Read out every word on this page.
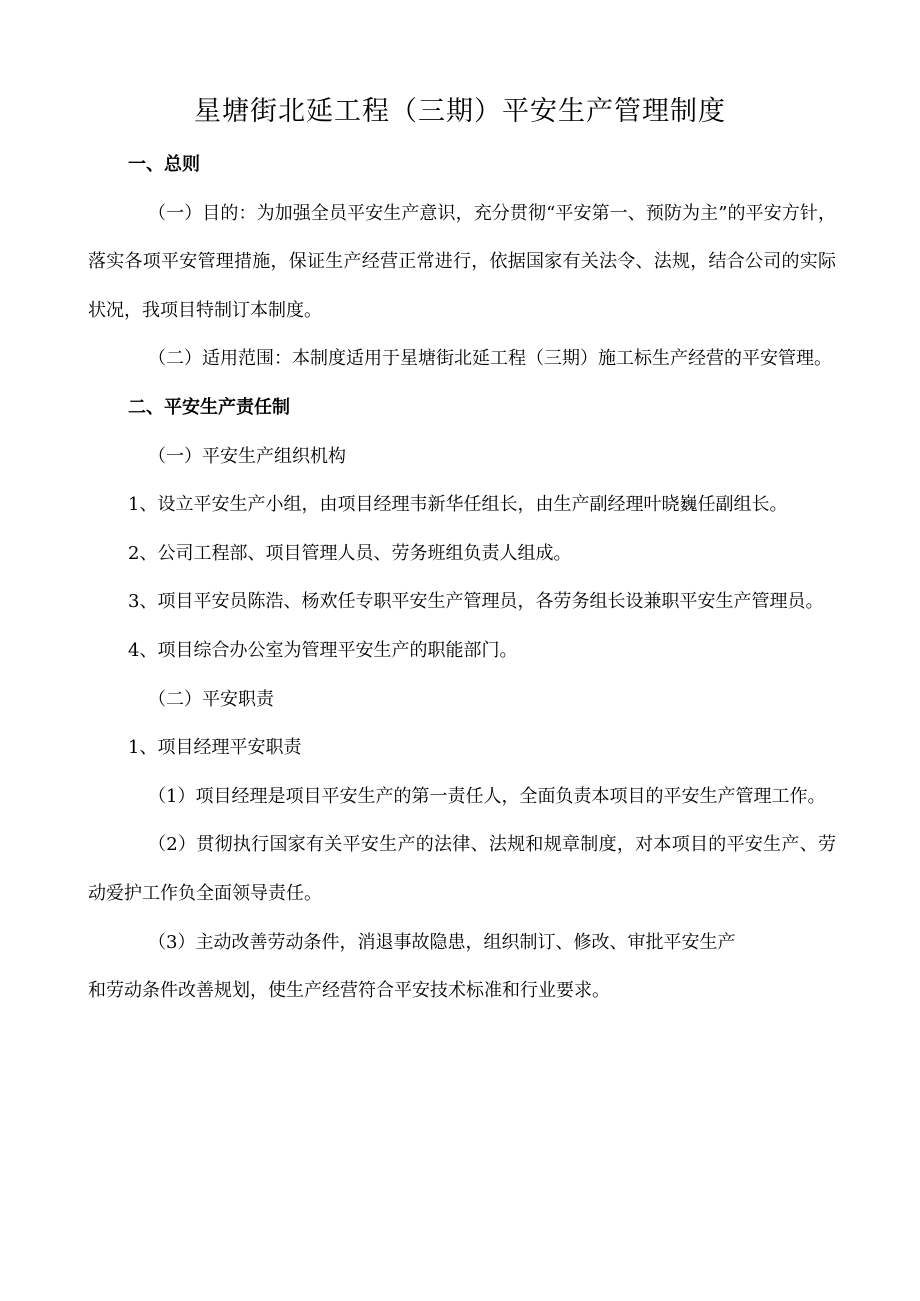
星塘街北延工程（三期）平安生产管理制度

一、总则

（一）目的：为加强全员平安生产意识，充分贯彻“平安第一、预防为主”的平安方针，落实各项平安管理措施，保证生产经营正常进行，依据国家有关法令、法规，结合公司的实际状况，我项目特制订本制度。

（二）适用范围：本制度适用于星塘街北延工程（三期）施工标生产经营的平安管理。

二、平安生产责任制

（一）平安生产组织机构

1、设立平安生产小组，由项目经理韦新华任组长，由生产副经理叶晓巍任副组长。

2、公司工程部、项目管理人员、劳务班组负责人组成。

3、项目平安员陈浩、杨欢任专职平安生产管理员，各劳务组长设兼职平安生产管理员。

4、项目综合办公室为管理平安生产的职能部门。

（二）平安职责

1、项目经理平安职责

（1）项目经理是项目平安生产的第一责任人，全面负责本项目的平安生产管理工作。

（2）贯彻执行国家有关平安生产的法律、法规和规章制度，对本项目的平安生产、劳动爱护工作负全面领导责任。

（3）主动改善劳动条件，消退事故隐患，组织制订、修改、审批平安生产

和劳动条件改善规划，使生产经营符合平安技术标准和行业要求。
